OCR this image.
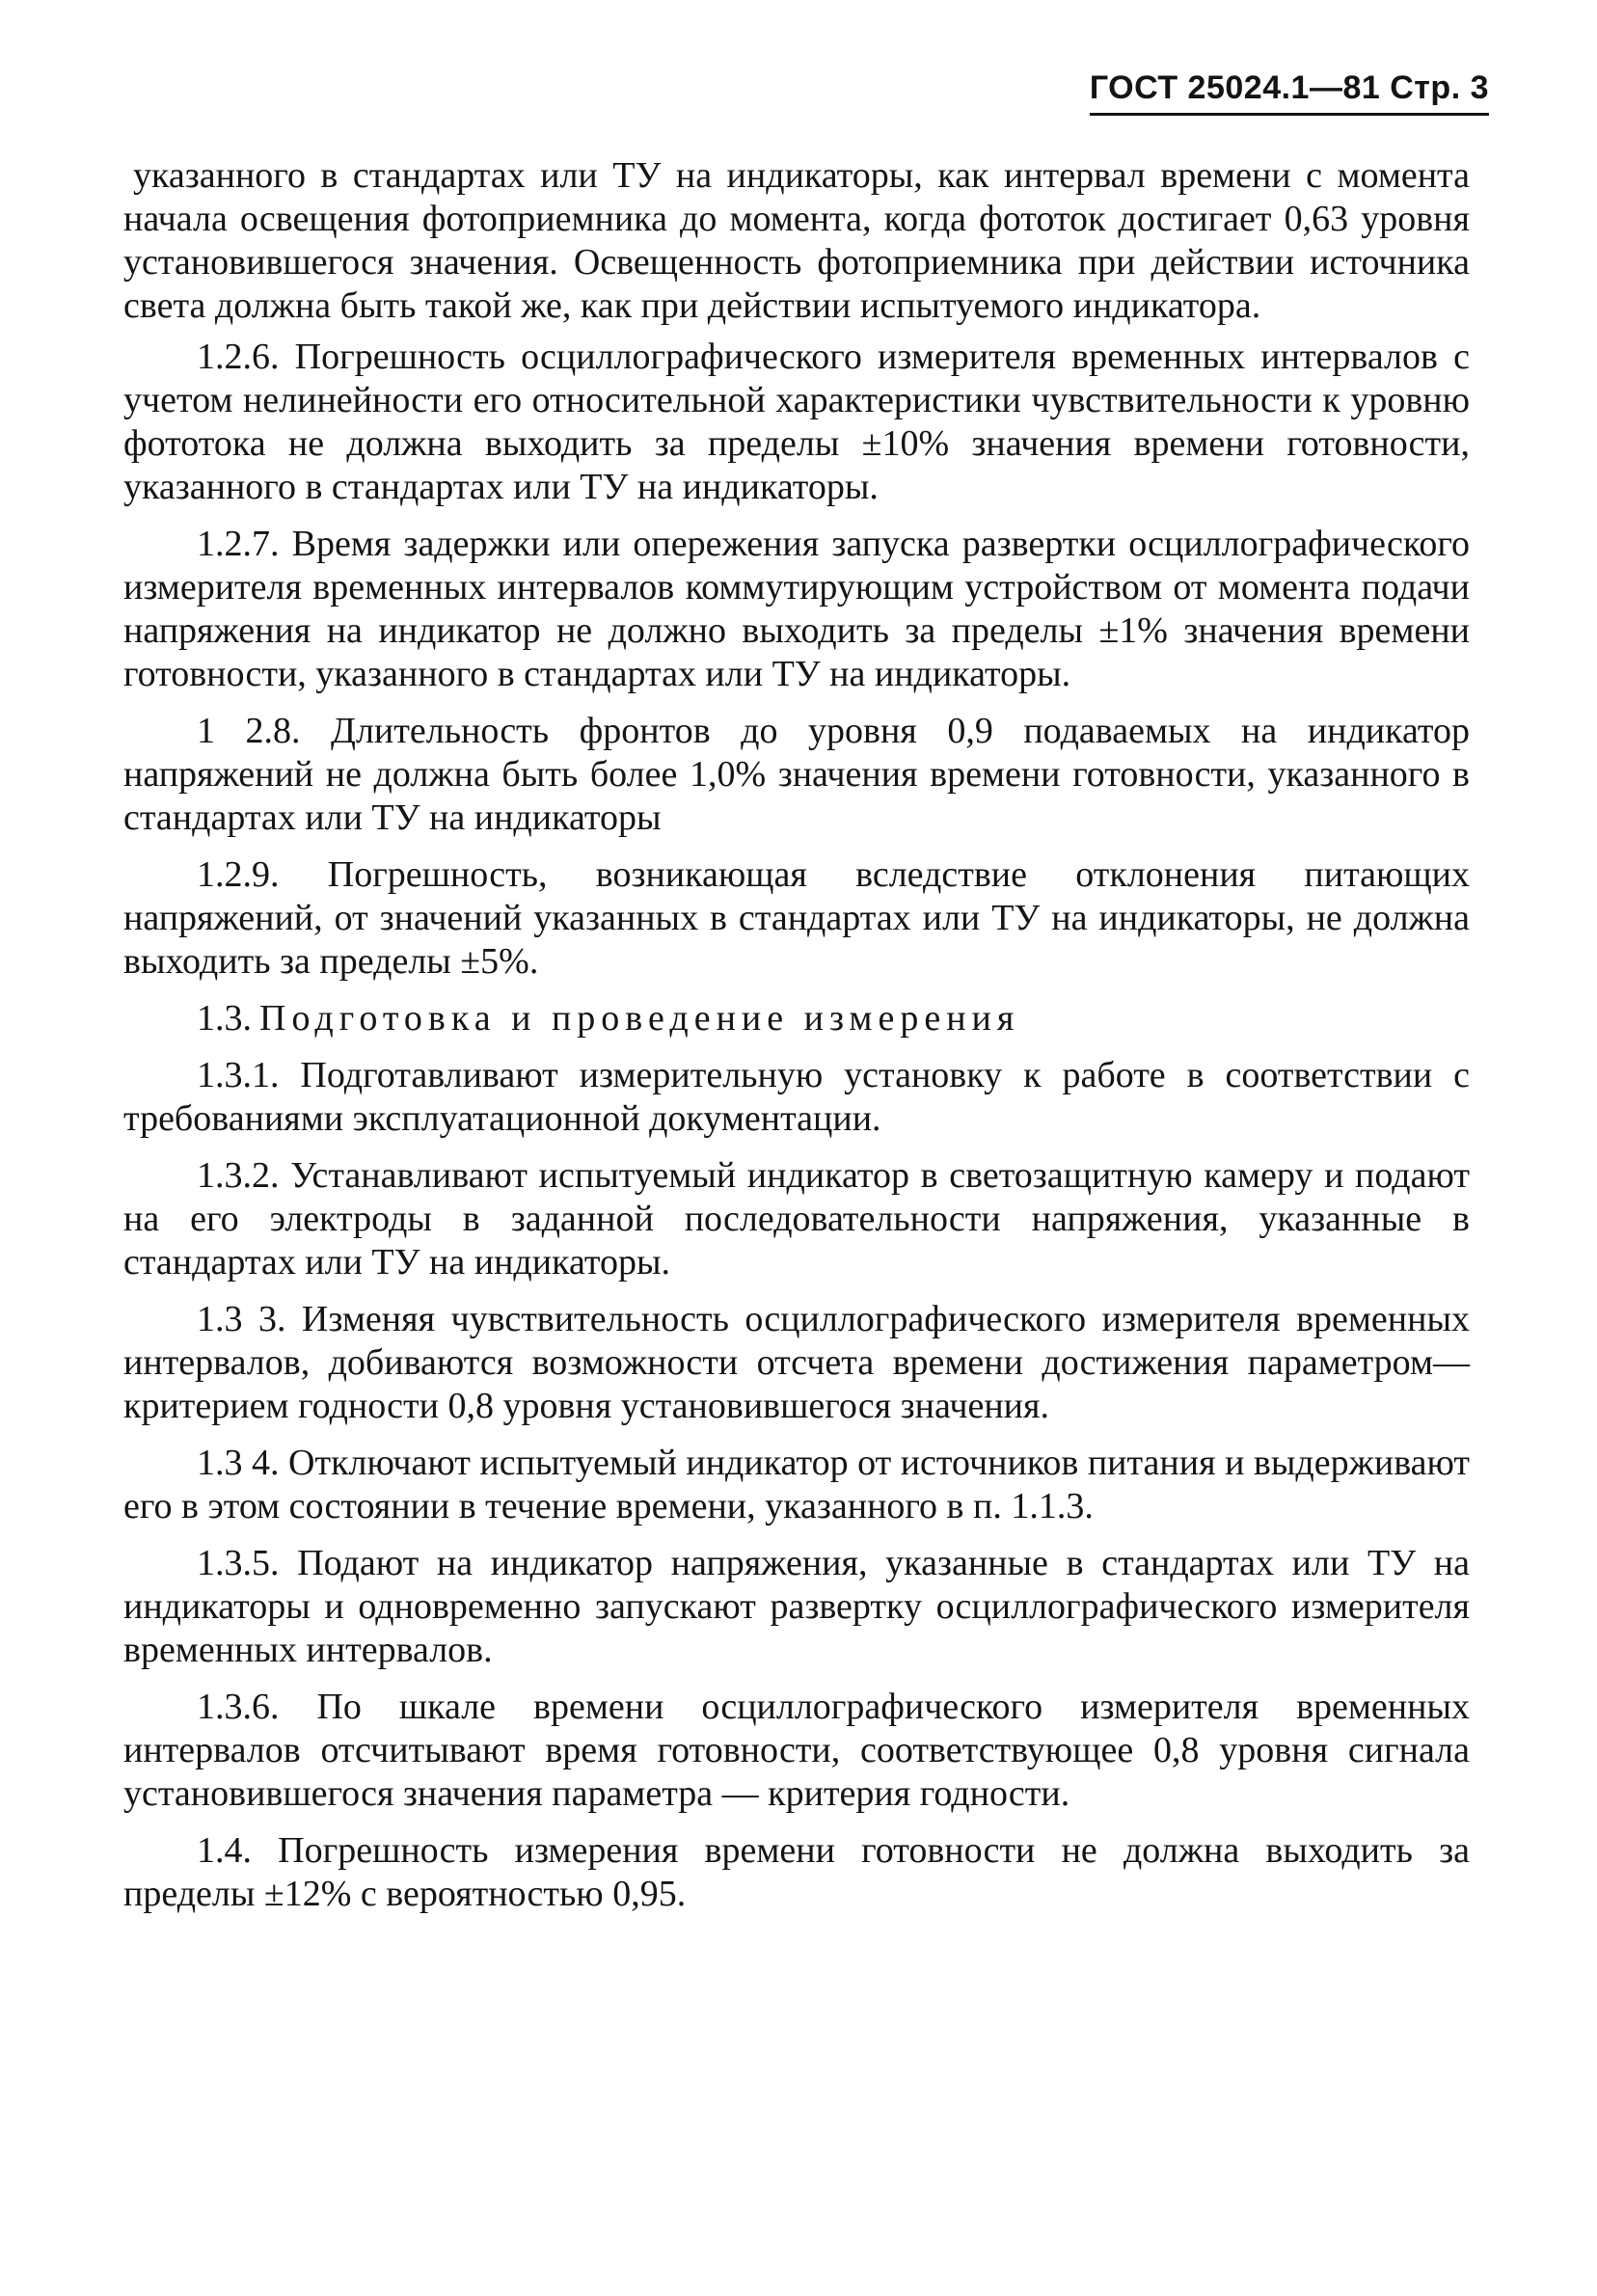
ГОСТ 25024.1—81 Стр. 3

указанного в стандартах или ТУ на индикаторы, как интервал времени с момента начала освещения фотоприемника до момента, когда фототок достигает 0,63 уровня установившегося значения. Освещенность фотоприемника при действии источника света должна быть такой же, как при действии испытуемого индикатора.

1.2.6. Погрешность осциллографического измерителя временных интервалов с учетом нелинейности его относительной характеристики чувствительности к уровню фототока не должна выходить за пределы ±10% значения времени готовности, указанного в стандартах или ТУ на индикаторы.

1.2.7. Время задержки или опережения запуска развертки осциллографического измерителя временных интервалов коммутирующим устройством от момента подачи напряжения на индикатор не должно выходить за пределы ±1% значения времени готовности, указанного в стандартах или ТУ на индикаторы.

1 2.8. Длительность фронтов до уровня 0,9 подаваемых на индикатор напряжений не должна быть более 1,0% значения времени готовности, указанного в стандартах или ТУ на индикаторы

1.2.9. Погрешность, возникающая вследствие отклонения питающих напряжений, от значений указанных в стандартах или ТУ на индикаторы, не должна выходить за пределы ±5%.

1.3. Подготовка и проведение измерения

1.3.1. Подготавливают измерительную установку к работе в соответствии с требованиями эксплуатационной документации.

1.3.2. Устанавливают испытуемый индикатор в светозащитную камеру и подают на его электроды в заданной последовательности напряжения, указанные в стандартах или ТУ на индикаторы.

1.3 3. Изменяя чувствительность осциллографического измерителя временных интервалов, добиваются возможности отсчета времени достижения параметром—критерием годности 0,8 уровня установившегося значения.

1.3 4. Отключают испытуемый индикатор от источников питания и выдерживают его в этом состоянии в течение времени, указанного в п. 1.1.3.

1.3.5. Подают на индикатор напряжения, указанные в стандартах или ТУ на индикаторы и одновременно запускают развертку осциллографического измерителя временных интервалов.

1.3.6. По шкале времени осциллографического измерителя временных интервалов отсчитывают время готовности, соответствующее 0,8 уровня сигнала установившегося значения параметра — критерия годности.

1.4. Погрешность измерения времени готовности не должна выходить за пределы ±12% с вероятностью 0,95.
